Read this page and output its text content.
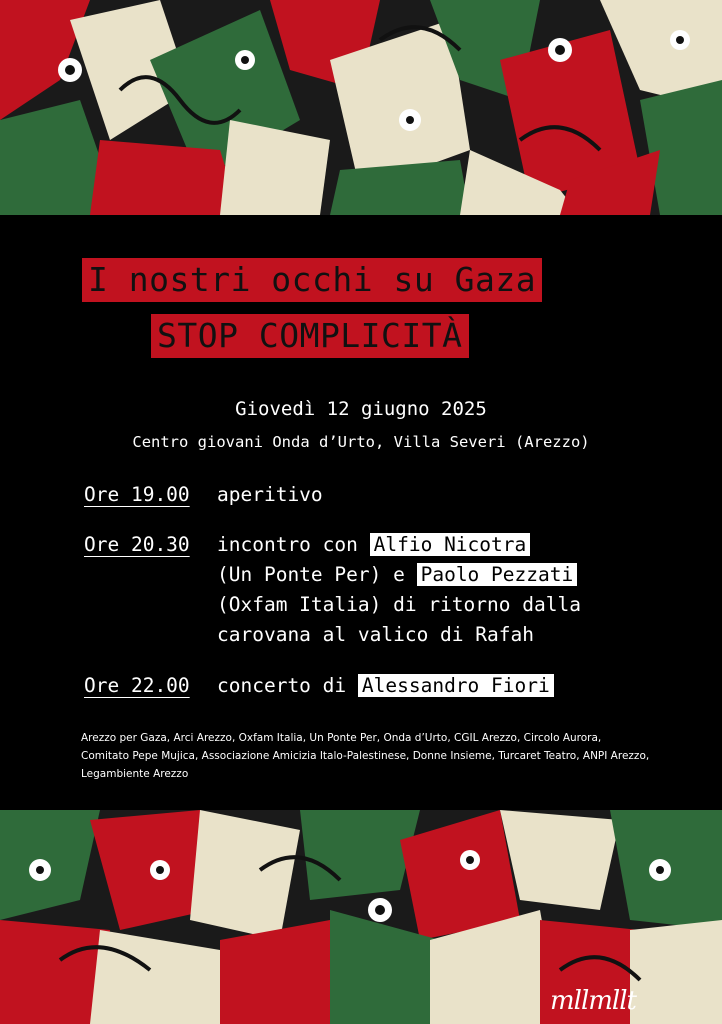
I nostri occhi su Gaza
STOP COMPLICITÀ
Giovedì 12 giugno 2025
Centro giovani Onda d’Urto, Villa Severi (Arezzo)
Ore 19.00 aperitivo
Ore 20.30 incontro con Alfio Nicotra
(Un Ponte Per) e Paolo Pezzati
(Oxfam Italia) di ritorno dalla
carovana al valico di Rafah
Ore 22.00 concerto di Alessandro Fiori
Arezzo per Gaza, Arci Arezzo, Oxfam Italia, Un Ponte Per, Onda d’Urto, CGIL Arezzo, Circolo Aurora, Comitato Pepe Mujica, Associazione Amicizia Italo-Palestinese, Donne Insieme, Turcaret Teatro, ANPI Arezzo, Legambiente Arezzo
mllmllt
